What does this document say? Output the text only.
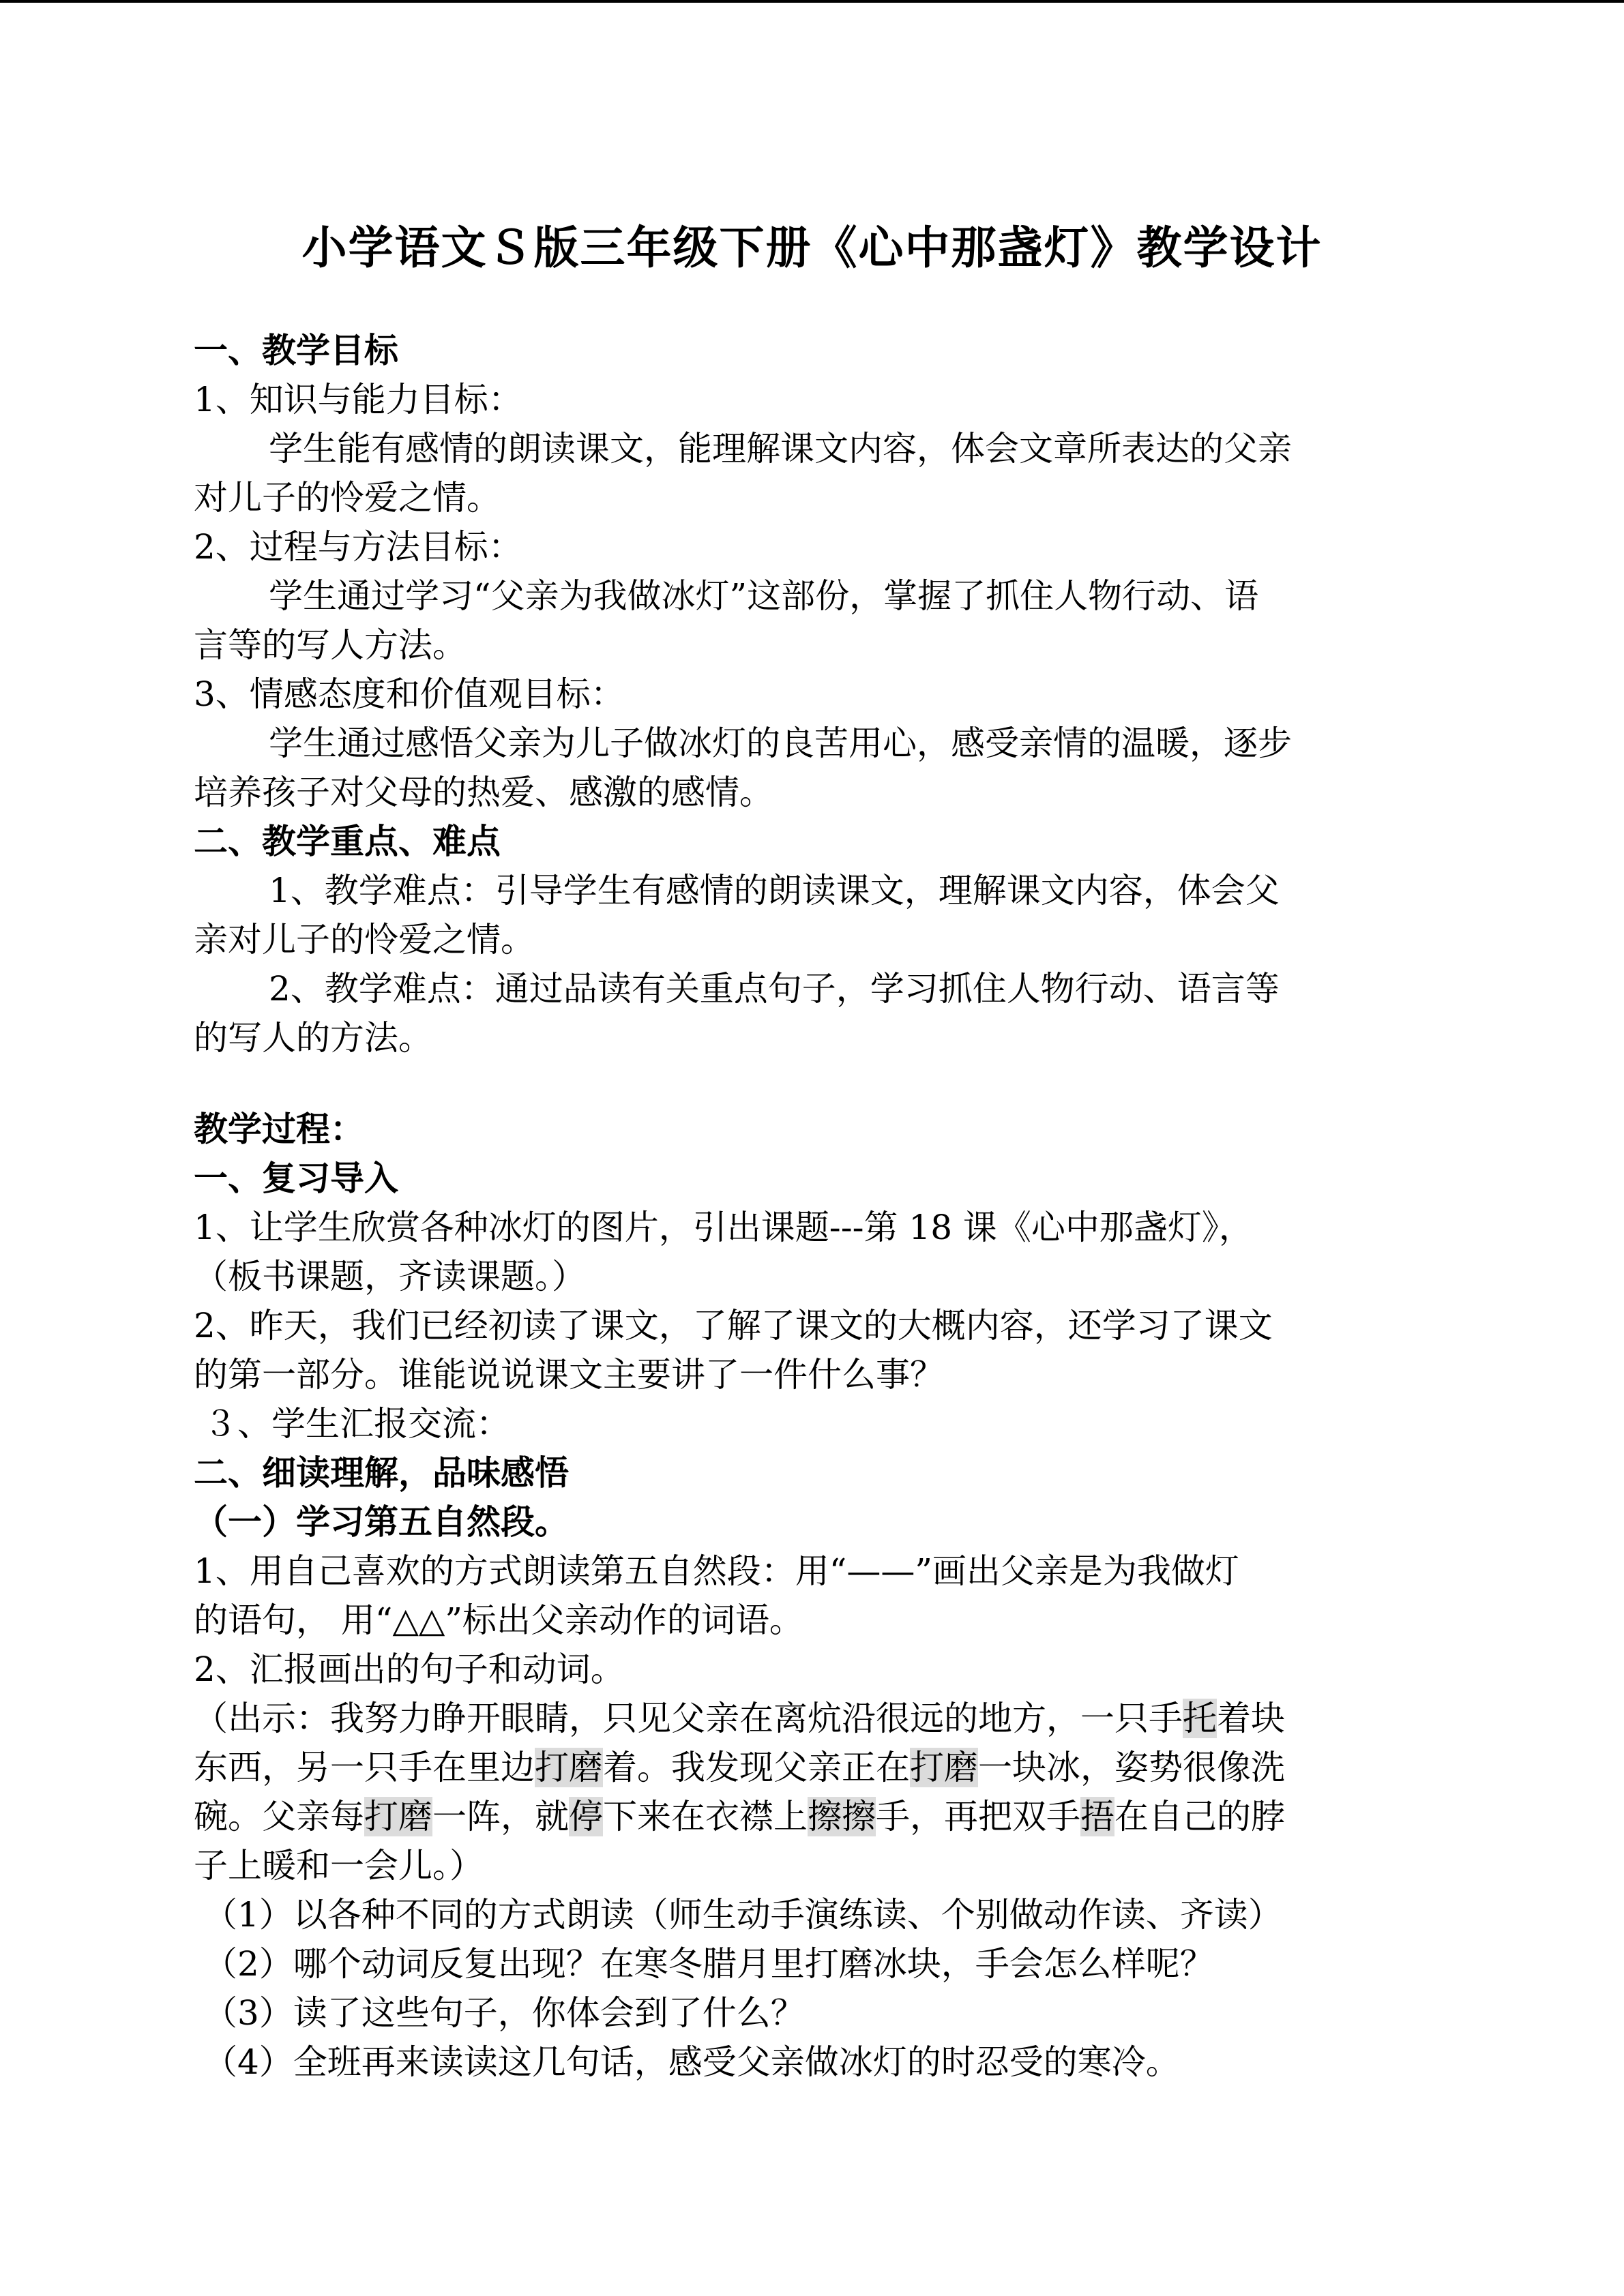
小学语文Ｓ版三年级下册《心中那盏灯》教学设计
一、教学目标
1、知识与能力目标：
学生能有感情的朗读课文，能理解课文内容，体会文章所表达的父亲
对儿子的怜爱之情。
2、过程与方法目标：
学生通过学习“父亲为我做冰灯”这部份，掌握了抓住人物行动、语
言等的写人方法。
3、情感态度和价值观目标：
学生通过感悟父亲为儿子做冰灯的良苦用心，感受亲情的温暖，逐步
培养孩子对父母的热爱、感激的感情。
二、教学重点、难点
1、教学难点：引导学生有感情的朗读课文，理解课文内容，体会父
亲对儿子的怜爱之情。
2、教学难点：通过品读有关重点句子，学习抓住人物行动、语言等
的写人的方法。
教学过程：
一、复习导入
1、让学生欣赏各种冰灯的图片，引出课题---第 18 课《心中那盏灯》，
（板书课题，齐读课题。）
2、昨天，我们已经初读了课文，了解了课文的大概内容，还学习了课文
的第一部分。谁能说说课文主要讲了一件什么事？
３、学生汇报交流：
二、细读理解，品味感悟
（一）学习第五自然段。
1、用自己喜欢的方式朗读第五自然段：用“——”画出父亲是为我做灯
的语句， 用“△△”标出父亲动作的词语。
2、汇报画出的句子和动词。
（出示：我努力睁开眼睛，只见父亲在离炕沿很远的地方，一只手托着块
东西，另一只手在里边打磨着。我发现父亲正在打磨一块冰，姿势很像洗
碗。父亲每打磨一阵，就停下来在衣襟上擦擦手，再把双手捂在自己的脖
子上暖和一会儿。）
（1）以各种不同的方式朗读（师生动手演练读、个别做动作读、齐读）
（2）哪个动词反复出现？在寒冬腊月里打磨冰块，手会怎么样呢？
（3）读了这些句子，你体会到了什么？
（4）全班再来读读这几句话，感受父亲做冰灯的时忍受的寒冷。
